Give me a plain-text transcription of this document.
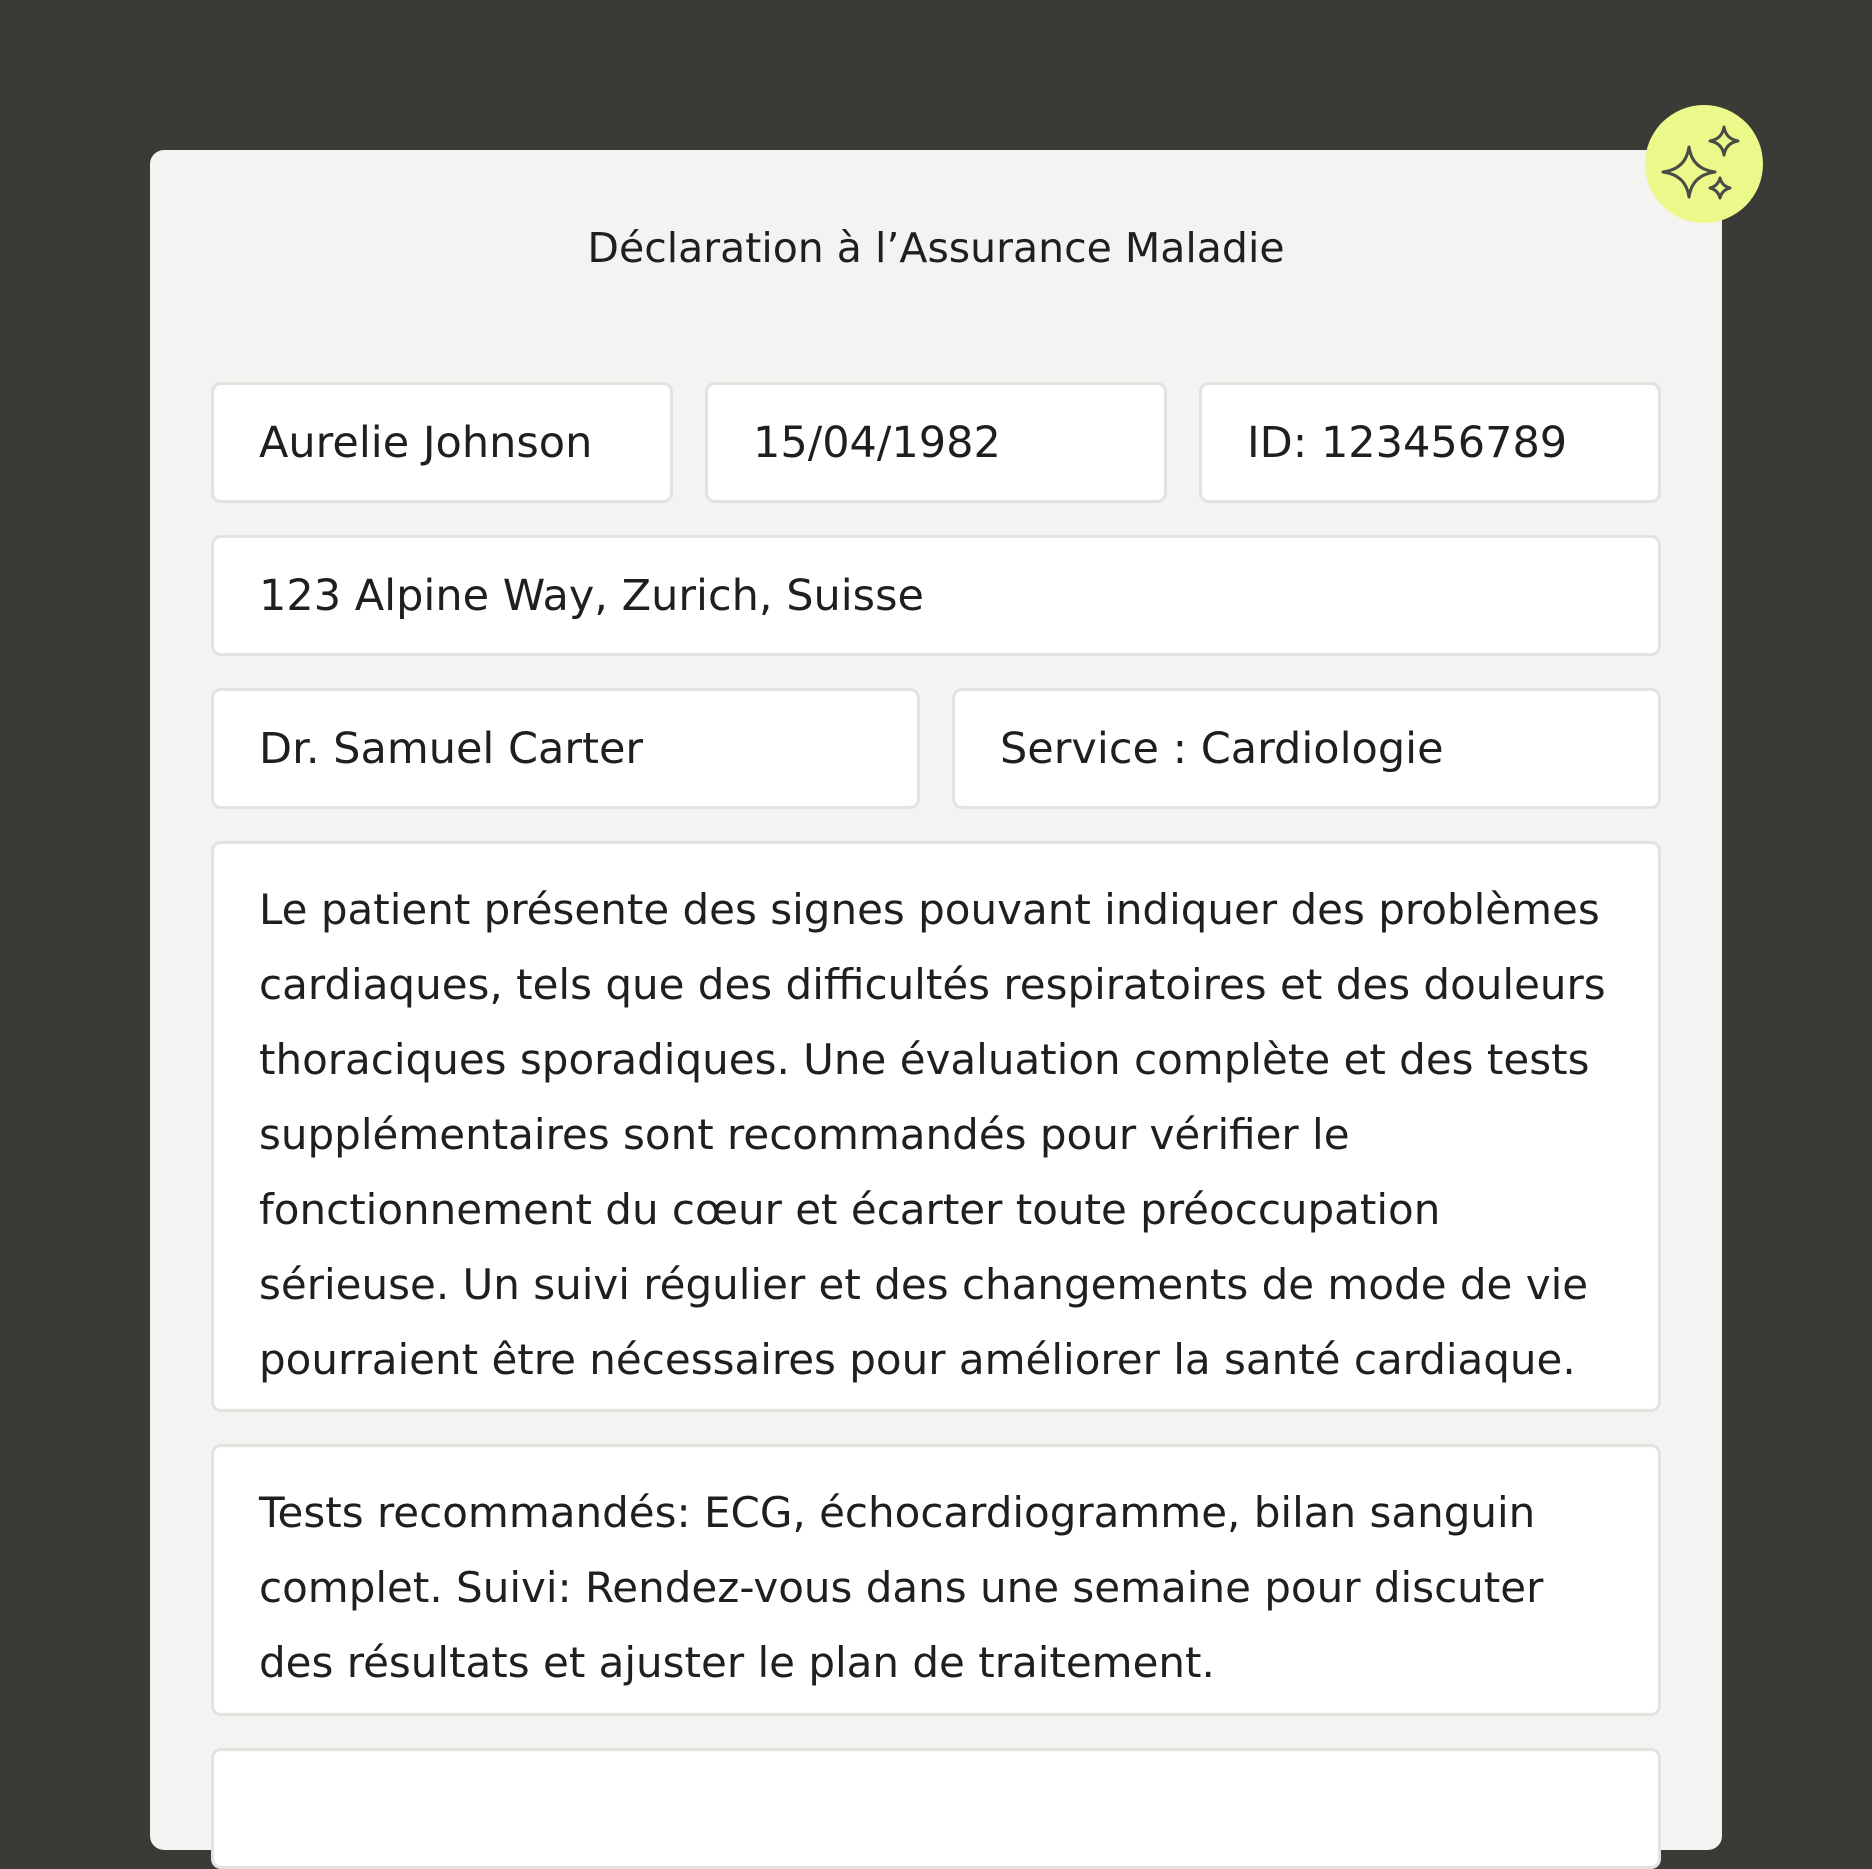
Déclaration à l’Assurance Maladie
Aurelie Johnson	15/04/1982	ID: 123456789
123 Alpine Way, Zurich, Suisse
Dr. Samuel Carter	Service : Cardiologie
Le patient présente des signes pouvant indiquer des problèmes cardiaques, tels que des difficultés respiratoires et des douleurs thoraciques sporadiques. Une évaluation complète et des tests supplémentaires sont recommandés pour vérifier le fonctionnement du cœur et écarter toute préoccupation sérieuse. Un suivi régulier et des changements de mode de vie pourraient être nécessaires pour améliorer la santé cardiaque.
Tests recommandés: ECG, échocardiogramme, bilan sanguin complet. Suivi: Rendez-vous dans une semaine pour discuter des résultats et ajuster le plan de traitement.
